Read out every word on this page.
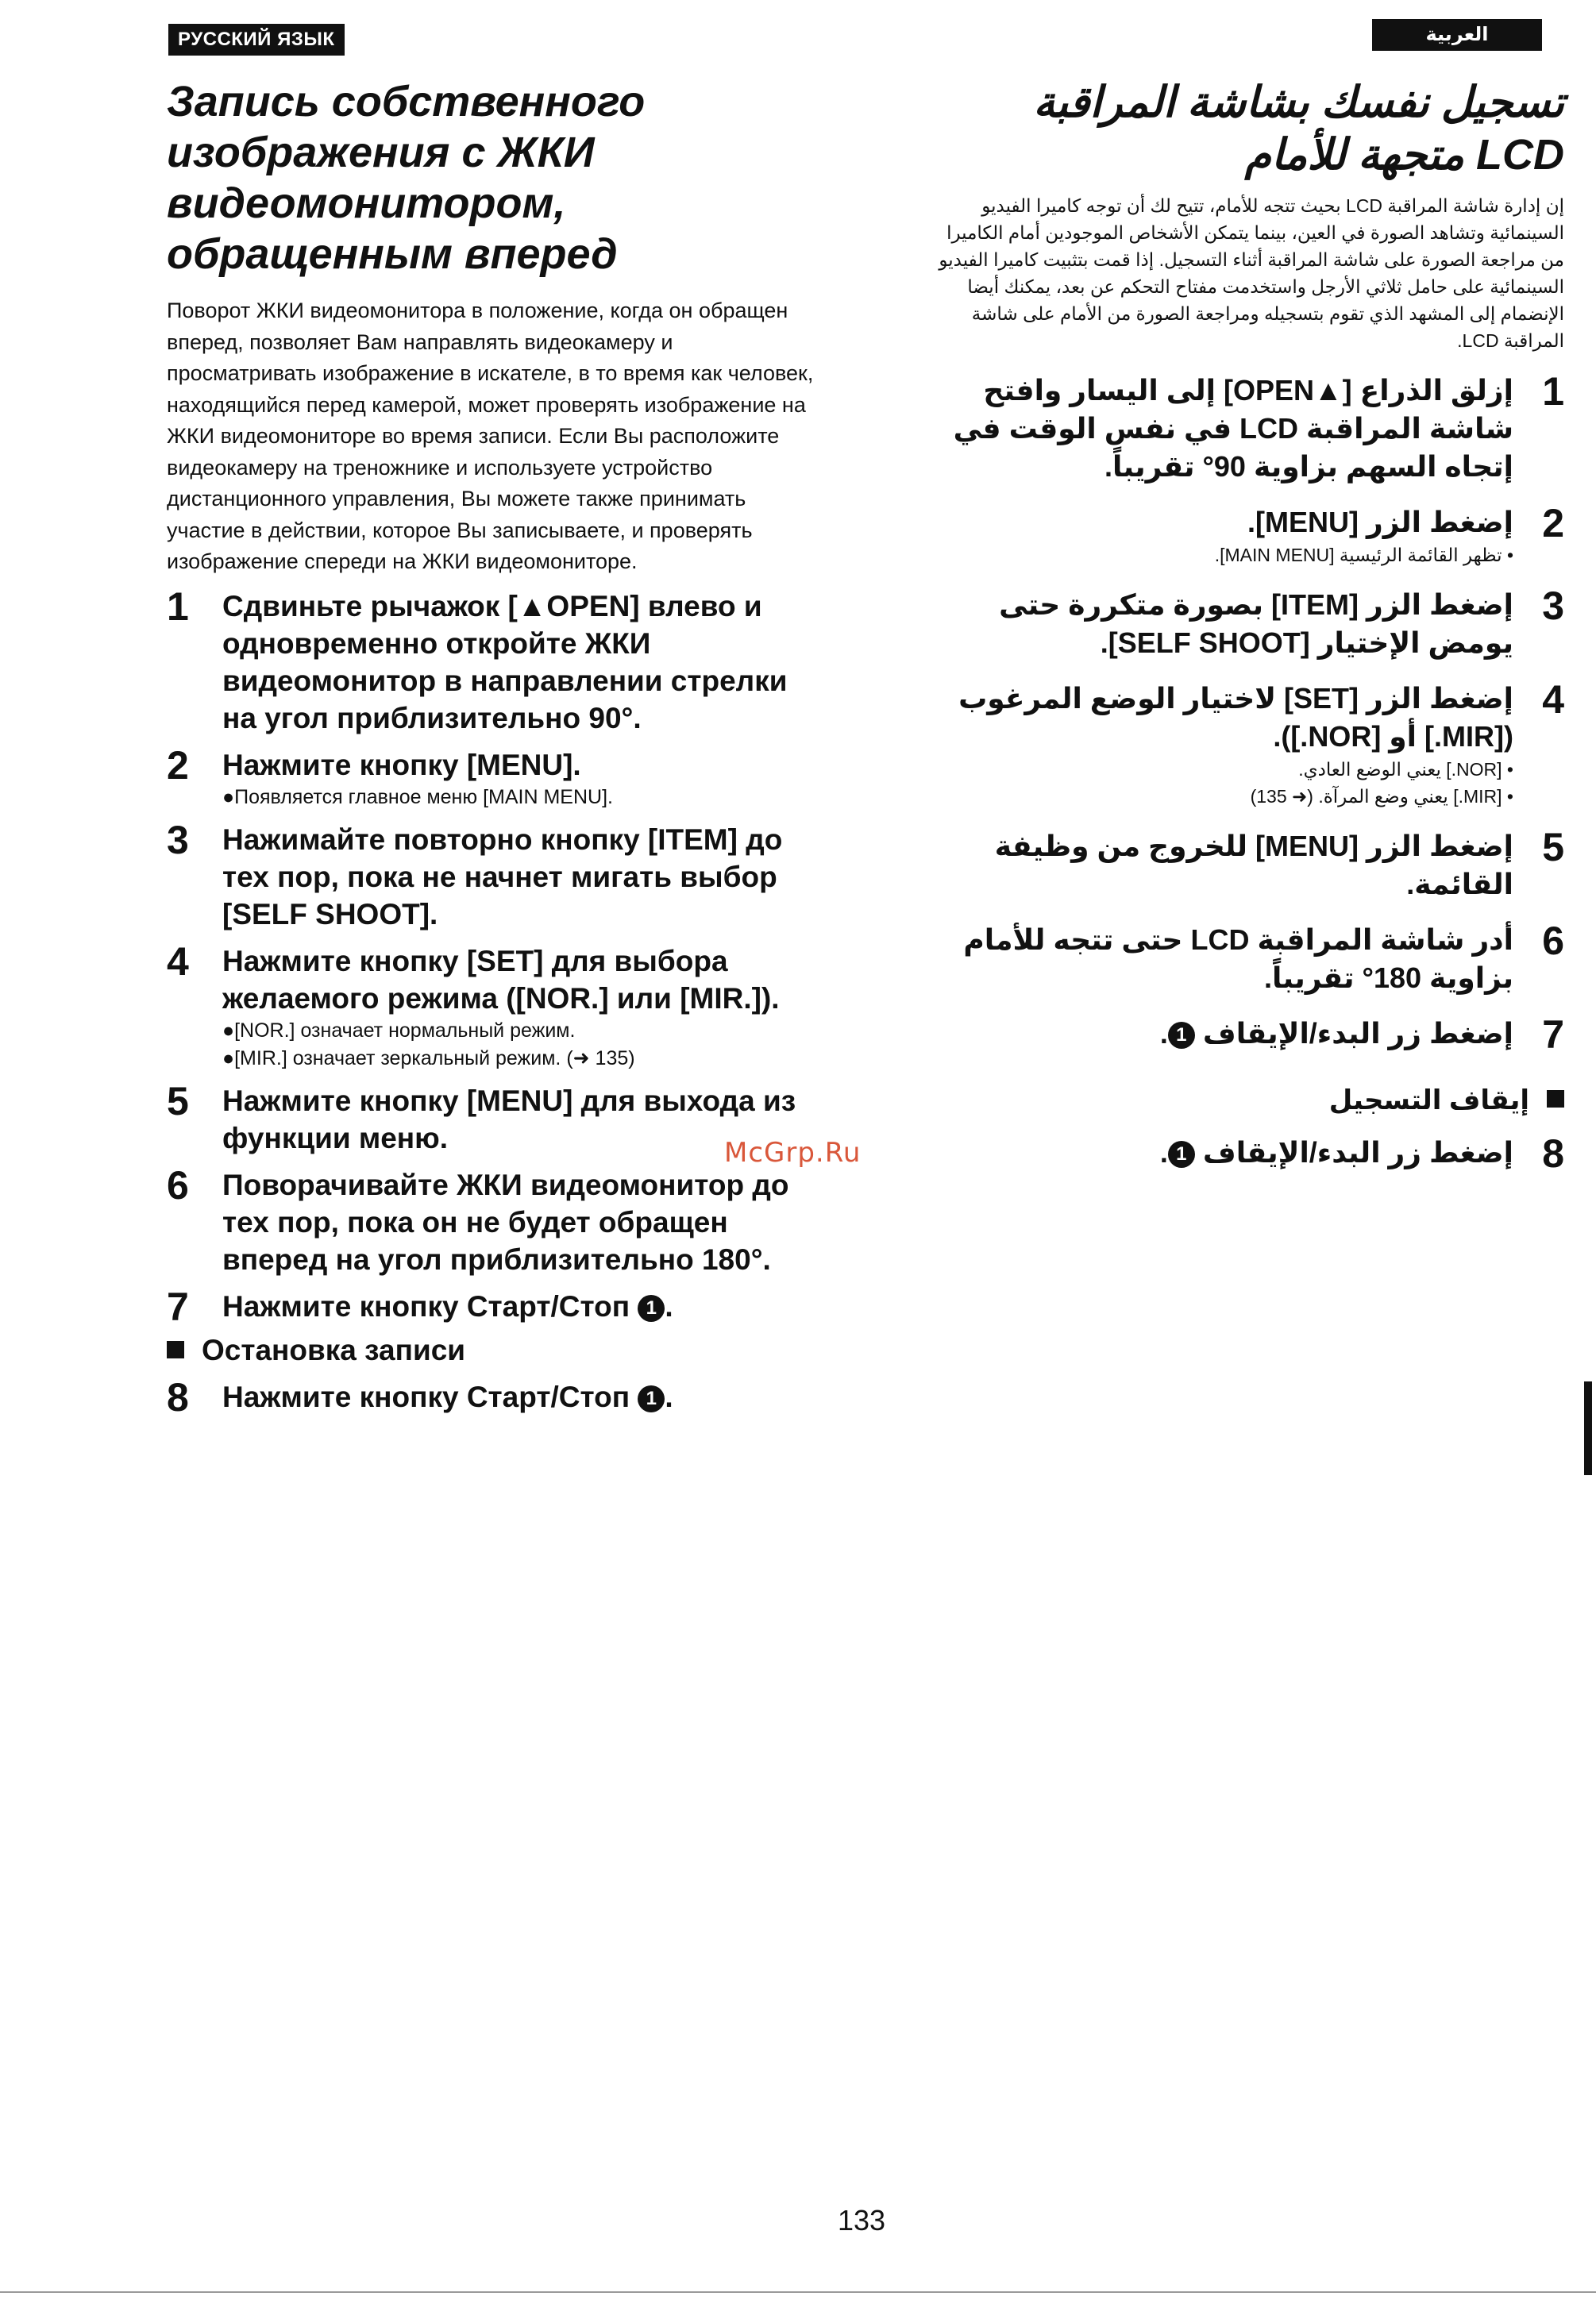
РУССКИЙ ЯЗЫК	العربية
Запись собственного
изображения с ЖКИ
видеомонитором,
обращенным вперед

Поворот ЖКИ видеомонитора в положение, когда он обращен вперед, позволяет Вам направлять видеокамеру и просматривать изображение в искателе, в то время как человек, находящийся перед камерой, может проверять изображение на ЖКИ видеомониторе во время записи. Если Вы расположите видеокамеру на треножнике и используете устройство дистанционного управления, Вы можете также принимать участие в действии, которое Вы записываете, и проверять изображение спереди на ЖКИ видеомониторе.

1 Сдвиньте рычажок [▲OPEN] влево и одновременно откройте ЖКИ видеомонитор в направлении стрелки на угол приблизительно 90°.
2 Нажмите кнопку [MENU].
●Появляется главное меню [MAIN MENU].
3 Нажимайте повторно кнопку [ITEM] до тех пор, пока не начнет мигать выбор [SELF SHOOT].
4 Нажмите кнопку [SET] для выбора желаемого режима ([NOR.] или [MIR.]).
●[NOR.] означает нормальный режим.
●[MIR.] означает зеркальный режим. (➜ 135)
5 Нажмите кнопку [MENU] для выхода из функции меню.
6 Поворачивайте ЖКИ видеомонитор до тех пор, пока он не будет обращен вперед на угол приблизительно 180°.
7 Нажмите кнопку Старт/Стоп 1 .
Остановка записи
8 Нажмите кнопку Старт/Стоп 1 .
تسجيل نفسك بشاشة المراقبة
LCD متجهة للأمام

إن إدارة شاشة المراقبة LCD بحيث تتجه للأمام، تتيح لك أن توجه كاميرا الفيديو السينمائية وتشاهد الصورة في العين، بينما يتمكن الأشخاص الموجودين أمام الكاميرا من مراجعة الصورة على شاشة المراقبة أثناء التسجيل. إذا قمت بتثبيت كاميرا الفيديو السينمائية على حامل ثلاثي الأرجل واستخدمت مفتاح التحكم عن بعد، يمكنك أيضا الإنضمام إلى المشهد الذي تقوم بتسجيله ومراجعة الصورة من الأمام على شاشة المراقبة LCD.

1
إزلق الذراع [▲OPEN] إلى اليسار وافتح شاشة المراقبة LCD في نفس الوقت في إتجاه السهم بزاوية 90° تقريباً.
2
إضغط الزر [MENU].
• تظهر القائمة الرئيسية [MAIN MENU].
3
إضغط الزر [ITEM] بصورة متكررة حتى يومض الإختيار [SELF SHOOT].
4
إضغط الزر [SET] لاختيار الوضع المرغوب ([MIR.] أو [NOR.]).
• [NOR.] يعني الوضع العادي.
• [MIR.] يعني وضع المرآة. (➜ 135)
5
إضغط الزر [MENU] للخروج من وظيفة القائمة.
6
أدر شاشة المراقبة LCD حتى تتجه للأمام بزاوية 180° تقريباً.
7
إضغط زر البدء/الإيقاف 1.
إيقاف التسجيل
8
إضغط زر البدء/الإيقاف 1.
McGrp.Ru
133
